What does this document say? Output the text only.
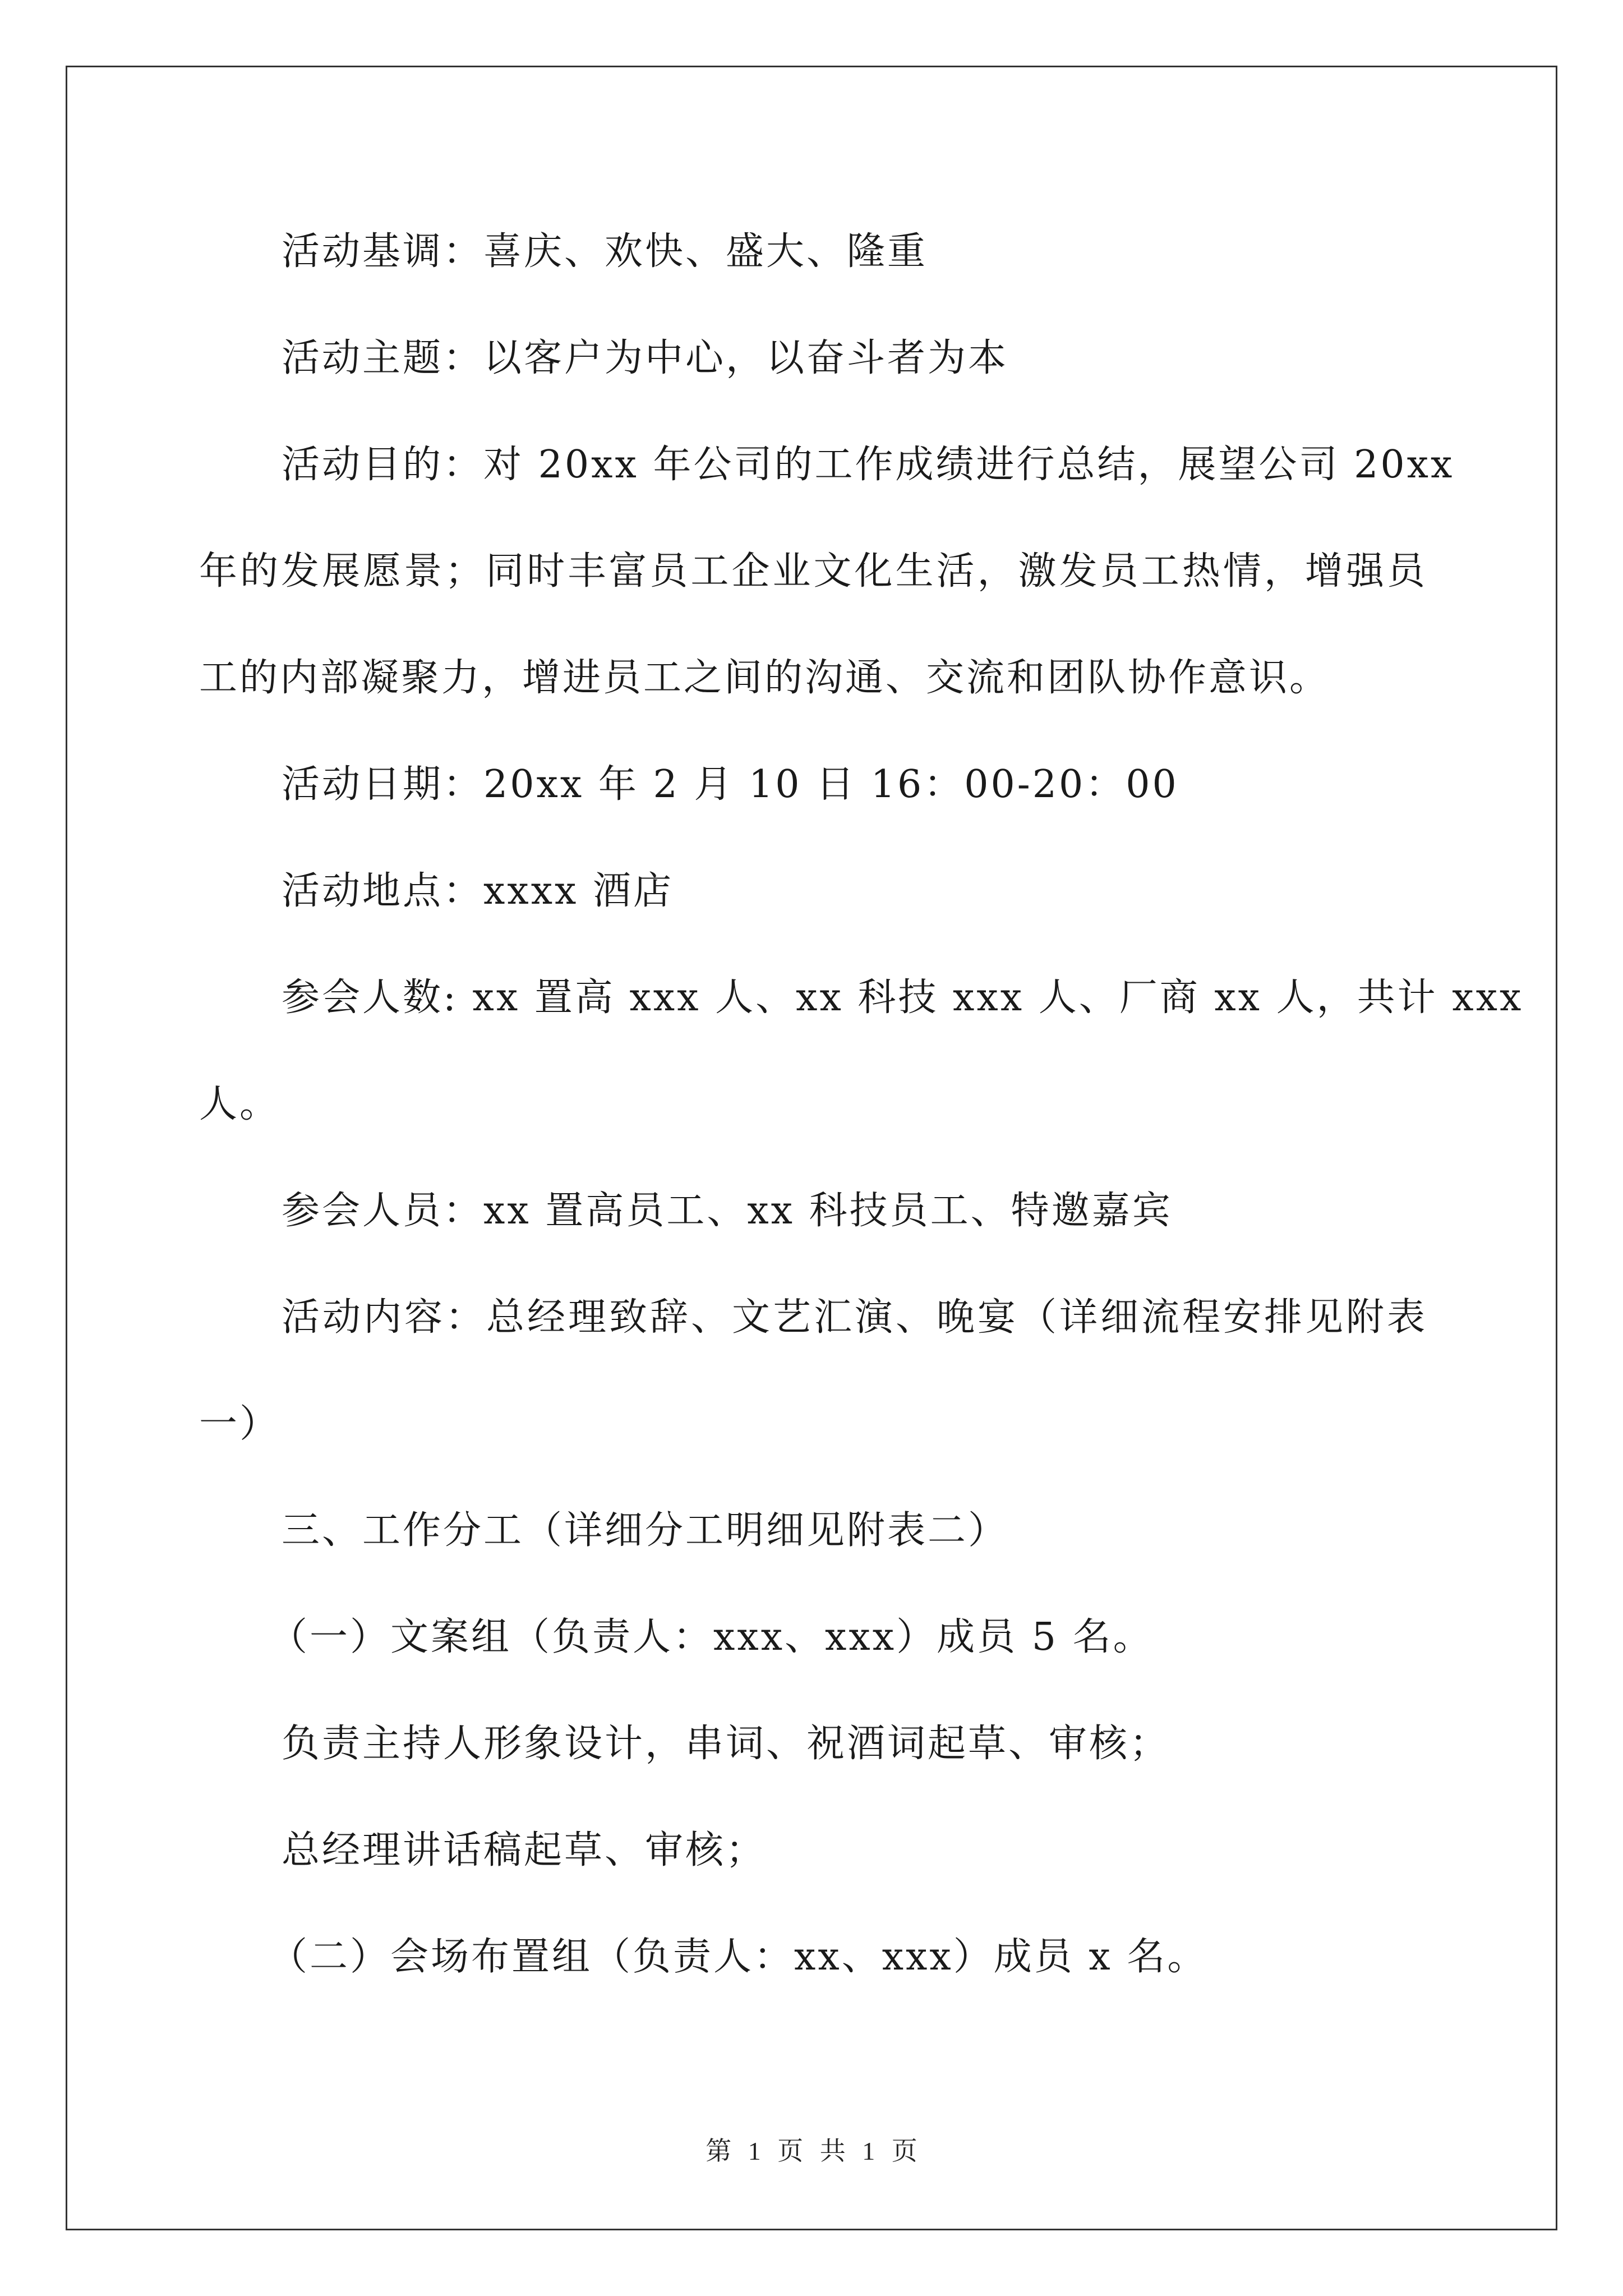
活动基调：喜庆、欢快、盛大、隆重
活动主题：以客户为中心，以奋斗者为本
活动目的：对 20xx 年公司的工作成绩进行总结，展望公司 20xx
年的发展愿景；同时丰富员工企业文化生活，激发员工热情，增强员
工的内部凝聚力，增进员工之间的沟通、交流和团队协作意识。
活动日期：20xx 年 2 月 10 日 16：00-20：00
活动地点：xxxx 酒店
参会人数: xx 置高 xxx 人、xx 科技 xxx 人、厂商 xx 人，共计 xxx
人。
参会人员：xx 置高员工、xx 科技员工、特邀嘉宾
活动内容：总经理致辞、文艺汇演、晚宴（详细流程安排见附表
一）
三、工作分工（详细分工明细见附表二）
（一）文案组（负责人：xxx、xxx）成员 5 名。
负责主持人形象设计，串词、祝酒词起草、审核；
总经理讲话稿起草、审核；
（二）会场布置组（负责人：xx、xxx）成员 x 名。
第 1 页 共 1 页
